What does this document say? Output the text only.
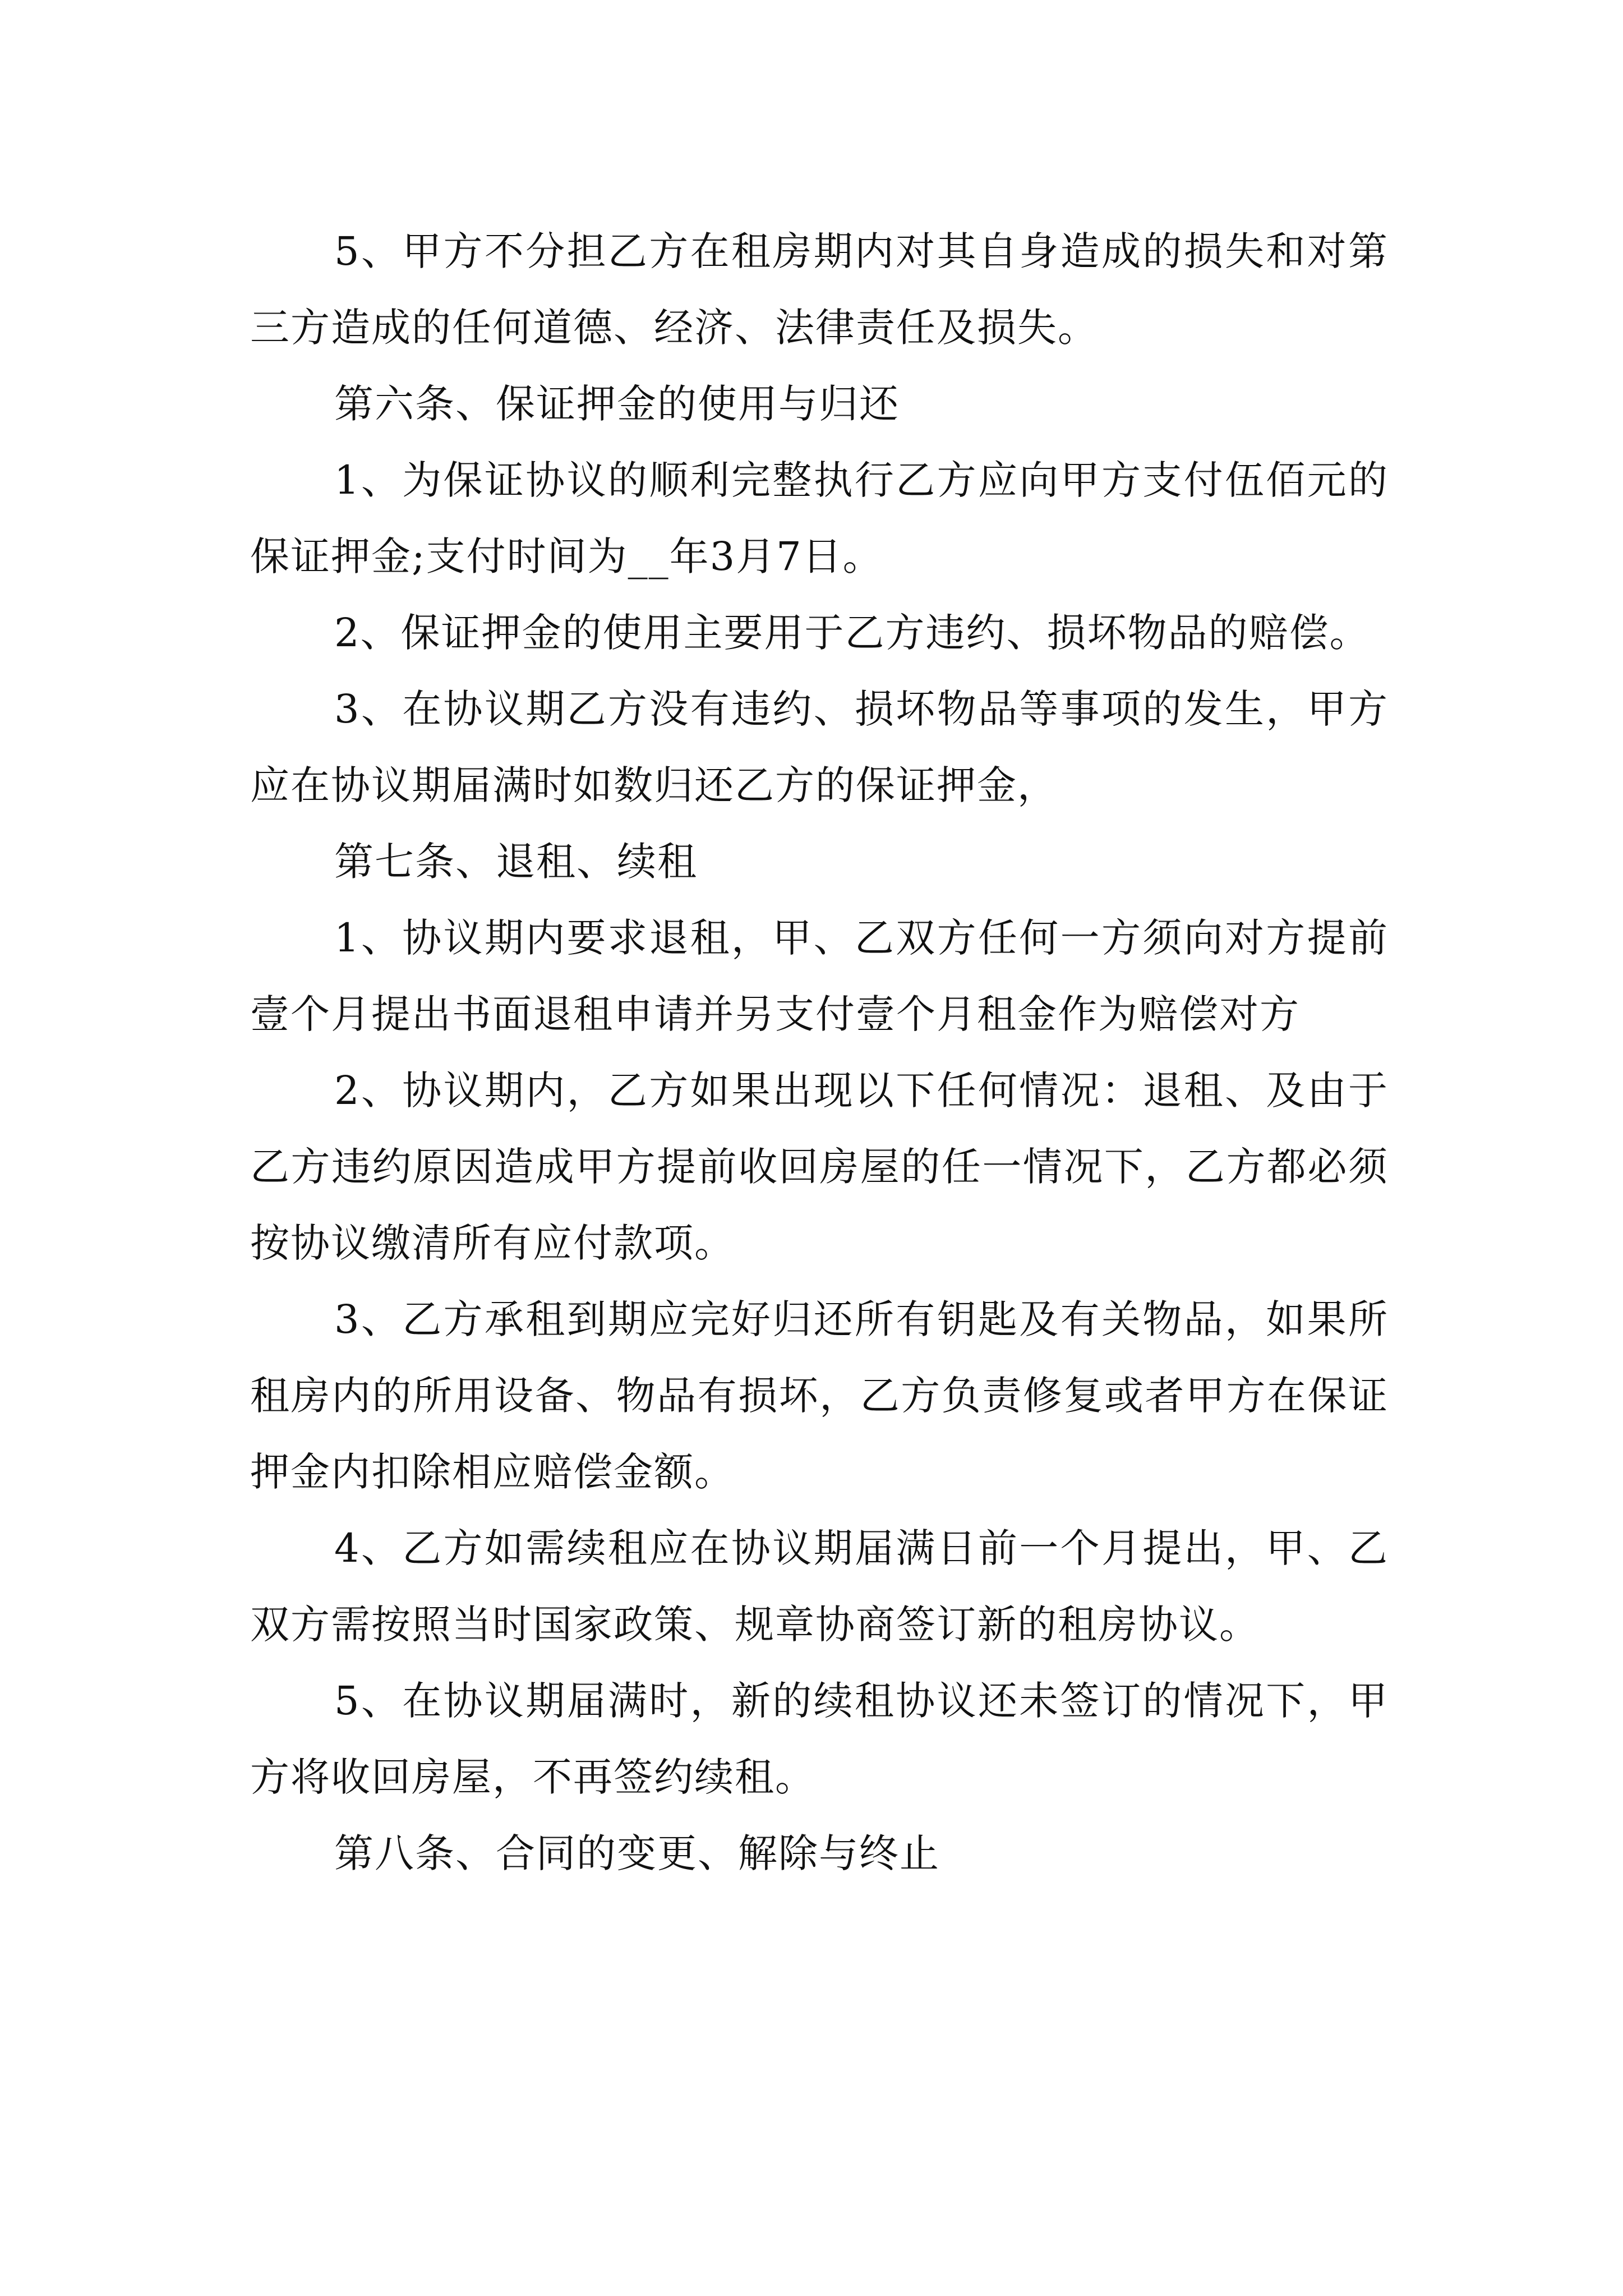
5、甲方不分担乙方在租房期内对其自身造成的损失和对第三方造成的任何道德、经济、法律责任及损失。

第六条、保证押金的使用与归还

1、为保证协议的顺利完整执行乙方应向甲方支付伍佰元的保证押金;支付时间为__年3月7日。

2、保证押金的使用主要用于乙方违约、损坏物品的赔偿。

3、在协议期乙方没有违约、损坏物品等事项的发生，甲方应在协议期届满时如数归还乙方的保证押金，

第七条、退租、续租

1、协议期内要求退租，甲、乙双方任何一方须向对方提前壹个月提出书面退租申请并另支付壹个月租金作为赔偿对方

2、协议期内，乙方如果出现以下任何情况：退租、及由于乙方违约原因造成甲方提前收回房屋的任一情况下，乙方都必须按协议缴清所有应付款项。

3、乙方承租到期应完好归还所有钥匙及有关物品，如果所租房内的所用设备、物品有损坏，乙方负责修复或者甲方在保证押金内扣除相应赔偿金额。

4、乙方如需续租应在协议期届满日前一个月提出，甲、乙双方需按照当时国家政策、规章协商签订新的租房协议。

5、在协议期届满时，新的续租协议还未签订的情况下，甲方将收回房屋，不再签约续租。

第八条、合同的变更、解除与终止
